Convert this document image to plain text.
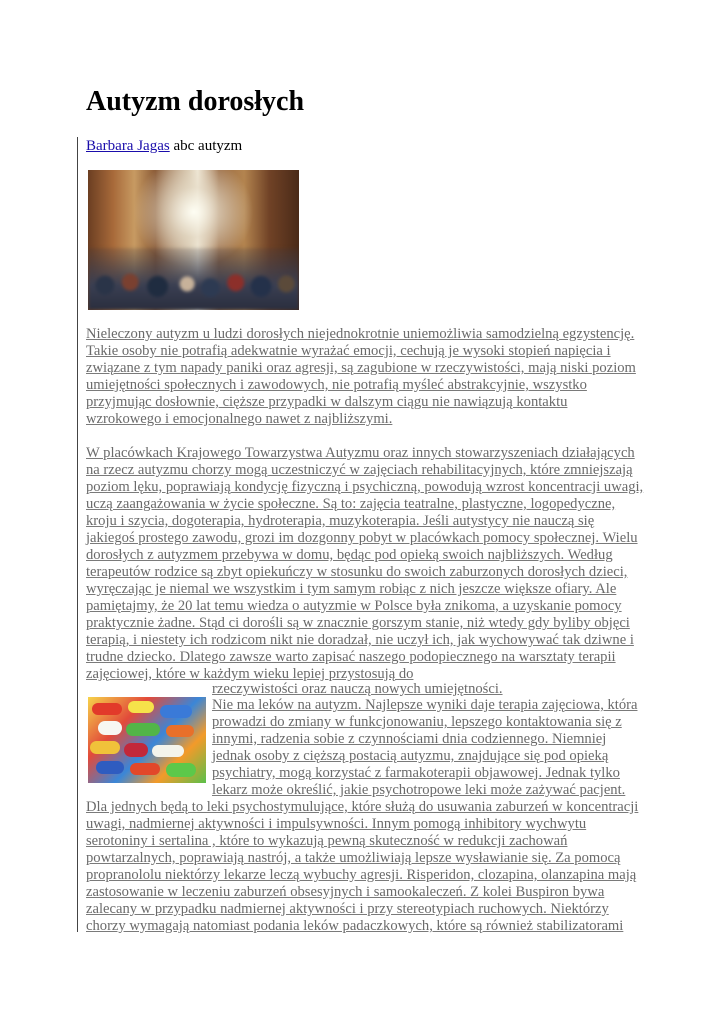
Autyzm dorosłych
Barbara Jagas abc autyzm

Nieleczony autyzm u ludzi dorosłych niejednokrotnie uniemożliwia samodzielną egzystencję. Takie osoby nie potrafią adekwatnie wyrażać emocji, cechują je wysoki stopień napięcia i związane z tym napady paniki oraz agresji, są zagubione w rzeczywistości, mają niski poziom umiejętności społecznych i zawodowych, nie potrafią myśleć abstrakcyjnie, wszystko przyjmując dosłownie, cięższe przypadki w dalszym ciągu nie nawiązują kontaktu wzrokowego i emocjonalnego nawet z najbliższymi.

W placówkach Krajowego Towarzystwa Autyzmu oraz innych stowarzyszeniach działających na rzecz autyzmu chorzy mogą uczestniczyć w zajęciach rehabilitacyjnych, które zmniejszają poziom lęku, poprawiają kondycję fizyczną i psychiczną, powodują wzrost koncentracji uwagi, uczą zaangażowania w życie społeczne. Są to: zajęcia teatralne, plastyczne, logopedyczne, kroju i szycia, dogoterapia, hydroterapia, muzykoterapia. Jeśli autystycy nie nauczą się jakiegoś prostego zawodu, grozi im dozgonny pobyt w placówkach pomocy społecznej. Wielu dorosłych z autyzmem przebywa w domu, będąc pod opieką swoich najbliższych. Według terapeutów rodzice są zbyt opiekuńczy w stosunku do swoich zaburzonych dorosłych dzieci, wyręczając je niemal we wszystkim i tym samym robiąc z nich jeszcze większe ofiary. Ale pamiętajmy, że 20 lat temu wiedza o autyzmie w Polsce była znikoma, a uzyskanie pomocy praktycznie żadne. Stąd ci dorośli są w znacznie gorszym stanie, niż wtedy gdy byliby objęci terapią, i niestety ich rodzicom nikt nie doradzał, nie uczył ich, jak wychowywać tak dziwne i trudne dziecko. Dlatego zawsze warto zapisać naszego podopiecznego na warsztaty terapii zajęciowej, które w każdym wieku lepiej przystosują do

rzeczywistości oraz nauczą nowych umiejętności.

Nie ma leków na autyzm. Najlepsze wyniki daje terapia zajęciowa, która prowadzi do zmiany w funkcjonowaniu, lepszego kontaktowania się z innymi, radzenia sobie z czynnościami dnia codziennego. Niemniej jednak osoby z cięższą postacią autyzmu, znajdujące się pod opieką psychiatry, mogą korzystać z farmakoterapii objawowej. Jednak tylko lekarz może określić, jakie psychotropowe leki może zażywać pacjent.

Dla jednych będą to leki psychostymulujące, które służą do usuwania zaburzeń w koncentracji uwagi, nadmiernej aktywności i impulsywności. Innym pomogą inhibitory wychwytu serotoniny i sertalina , które to wykazują pewną skuteczność w redukcji zachowań powtarzalnych, poprawiają nastrój, a także umożliwiają lepsze wysławianie się. Za pomocą propranololu niektórzy lekarze leczą wybuchy agresji. Risperidon, clozapina, olanzapina mają zastosowanie w leczeniu zaburzeń obsesyjnych i samookaleczeń. Z kolei Buspiron bywa zalecany w przypadku nadmiernej aktywności i przy stereotypiach ruchowych. Niektórzy chorzy wymagają natomiast podania leków padaczkowych, które są również stabilizatorami
